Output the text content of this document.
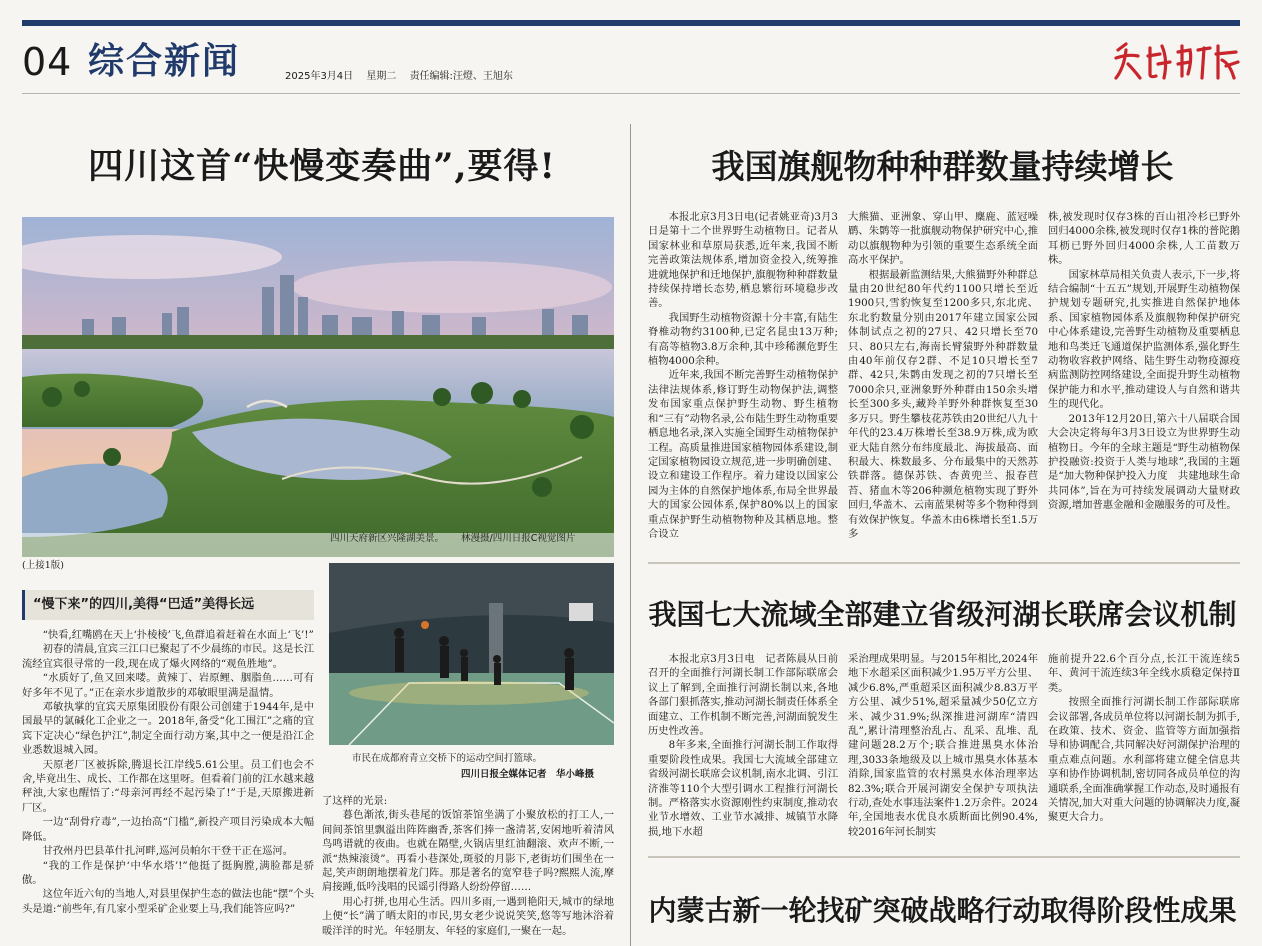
04 综合新闻	2025年3月4日 星期二 责任编辑:汪燈、王旭东
四川这首“快慢变奏曲”,要得!
四川天府新区兴隆湖美景。 林漫摄/四川日报C视觉图片
(上接1版)
“慢下来”的四川,美得“巴适”美得长远
市民在成都府青立交桥下的运动空间打篮球。
四川日报全媒体记者　华小峰摄

“快看,红嘴鸥在天上‘扑棱棱’飞,鱼群追着赶着在水面上‘飞’!”

初春的清晨,宜宾三江口已聚起了不少晨练的市民。这是长江流经宜宾很寻常的一段,现在成了爆火网络的“观鱼胜地”。

“水质好了,鱼又回来喽。黄辣丁、岩原鲤、胭脂鱼……可有好多年不见了。”正在亲水步道散步的邓敏眼里满是温情。

邓敏执掌的宜宾天原集团股份有限公司创建于1944年,是中国最早的氯碱化工企业之一。2018年,备受“化工围江”之痛的宜宾下定决心“绿色护江”,制定全面行动方案,其中之一便是沿江企业悉数退城入园。

天原老厂区被拆除,腾退长江岸线5.61公里。员工们也会不舍,毕竟出生、成长、工作都在这里呀。但看着门前的江水越来越秤浊,大家也醒悟了:“母亲河再经不起污染了!”于是,天原搬进新厂区。

一边“刮骨疗毒”,一边抬高“门槛”,新投产项目污染成本大幅降低。

甘孜州丹巴县革什扎河畔,巡河员帕尔干登干正在巡河。

“我的工作是保护‘中华水塔’!”他挺了挺胸膛,满脸都是骄傲。

这位年近六旬的当地人,对县里保护生态的做法也能“摆”个头头是道:“前些年,有几家小型采矿企业要上马,我们能答应吗?”

了这样的光景:

暮色渐浓,街头巷尾的饭馆茶馆坐满了小聚放松的打工人,一间间茶馆里飘溢出阵阵幽香,茶客们捧一盏清茗,安闲地听着清风鸟鸣谱就的夜曲。也就在隔壁,火锅店里红油翻滚、欢声不断,一派“热辣滚烫”。再看小巷深处,斑驳的月影下,老街坊们围坐在一起,笑声朗朗地摆着龙门阵。那是著名的宽窄巷子吗?熙熙人流,摩肩接踵,低吟浅唱的民谣引得路人纷纷停留……

用心打拼,也用心生活。四川多雨,一遇到艳阳天,城市的绿地上便“长”满了晒太阳的市民,男女老少说说笑笑,悠等写地沐浴着暖洋洋的时光。年轻朋友、年轻的家庭们,一聚在一起。

我国旗舰物种种群数量持续增长

本报北京3月3日电(记者姚亚奇)3月3日是第十二个世界野生动植物日。记者从国家林业和草原局获悉,近年来,我国不断完善政策法规体系,增加资金投入,统筹推进就地保护和迁地保护,旗舰物种种群数量持续保持增长态势,栖息繁衍环境稳步改善。

我国野生动植物资源十分丰富,有陆生脊椎动物约3100种,已定名昆虫13万种;有高等植物3.8万余种,其中珍稀濒危野生植物4000余种。

近年来,我国不断完善野生动植物保护法律法规体系,修订野生动物保护法,调整发布国家重点保护野生动物、野生植物和“三有”动物名录,公布陆生野生动物重要栖息地名录,深入实施全国野生动植物保护工程。高质量推进国家植物园体系建设,制定国家植物园设立规范,进一步明确创建、设立和建设工作程序。着力建设以国家公园为主体的自然保护地体系,布局全世界最大的国家公园体系,保护80%以上的国家重点保护野生动植物物种及其栖息地。整合设立

大熊猫、亚洲象、穿山甲、麋鹿、蓝冠噪鹛、朱鹮等一批旗舰动物保护研究中心,推动以旗舰物种为引领的重要生态系统全面高水平保护。

根据最新监测结果,大熊猫野外种群总量由20世纪80年代约1100只增长至近1900只,雪豹恢复至1200多只,东北虎、东北豹数量分别由2017年建立国家公园体制试点之初的27只、42只增长至70只、80只左右,海南长臂猿野外种群数量由40年前仅存2群、不足10只增长至7群、42只,朱鹮由发现之初的7只增长至7000余只,亚洲象野外种群由150余头增长至300多头,藏羚羊野外种群恢复至30多万只。野生攀枝花苏铁由20世纪八九十年代的23.4万株增长至38.9万株,成为欧亚大陆自然分布纬度最北、海拔最高、面积最大、株数最多、分布最集中的天然苏铁群落。德保苏铁、杏黄兜兰、报春苣苔、猪血木等206种濒危植物实现了野外回归,华盖木、云南蓝果树等多个物种得到有效保护恢复。华盖木由6株增长至1.5万多

株,被发现时仅存3株的百山祖冷杉已野外回归4000余株,被发现时仅存1株的普陀鹅耳枥已野外回归4000余株,人工苗数万株。

国家林草局相关负责人表示,下一步,将结合编制“十五五”规划,开展野生动植物保护规划专题研究,扎实推进自然保护地体系、国家植物园体系及旗舰物种保护研究中心体系建设,完善野生动植物及重要栖息地和鸟类迁飞通道保护监测体系,强化野生动物收容救护网络、陆生野生动物疫源疫病监测防控网络建设,全面提升野生动植物保护能力和水平,推动建设人与自然和谐共生的现代化。

2013年12月20日,第六十八届联合国大会决定将每年3月3日设立为世界野生动植物日。今年的全球主题是“野生动植物保护投融资:投资于人类与地球”,我国的主题是“加大物种保护投入力度　共建地球生命共同体”,旨在为可持续发展调动大量财政资源,增加普惠金融和金融服务的可及性。

我国七大流域全部建立省级河湖长联席会议机制

本报北京3月3日电　记者陈晨从日前召开的全面推行河湖长制工作部际联席会议上了解到,全面推行河湖长制以来,各地各部门狠抓落实,推动河湖长制责任体系全面建立、工作机制不断完善,河湖面貌发生历史性改善。

8年多来,全面推行河湖长制工作取得重要阶段性成果。我国七大流域全部建立省级河湖长联席会议机制,南水北调、引江济淮等110个大型引调水工程推行河湖长制。严格落实水资源刚性约束制度,推动农业节水增效、工业节水减排、城镇节水降损,地下水超

采治理成果明显。与2015年相比,2024年地下水超采区面积减少1.95万平方公里、减少6.8%,严重超采区面积减少8.83万平方公里、减少51%,超采量减少50亿立方米、减少31.9%;纵深推进河湖库“清四乱”,累计清理整治乱占、乱采、乱堆、乱建问题28.2万个;联合推进黑臭水体治理,3033条地级及以上城市黑臭水体基本消除,国家监管的农村黑臭水体治理率达82.3%;联合开展河湖安全保护专项执法行动,查处水事违法案件1.2万余件。2024年,全国地表水优良水质断面比例90.4%,较2016年河长制实

施前提升22.6个百分点,长江干流连续5年、黄河干流连续3年全线水质稳定保持Ⅱ类。

按照全面推行河湖长制工作部际联席会议部署,各成员单位将以河湖长制为抓手,在政策、技术、资金、监管等方面加强指导和协调配合,共同解决好河湖保护治理的重点难点问题。水利部将建立健全信息共享和协作协调机制,密切同各成员单位的沟通联系,全面准确掌握工作动态,及时通报有关情况,加大对重大问题的协调解决力度,凝聚更大合力。

内蒙古新一轮找矿突破战略行动取得阶段性成果
